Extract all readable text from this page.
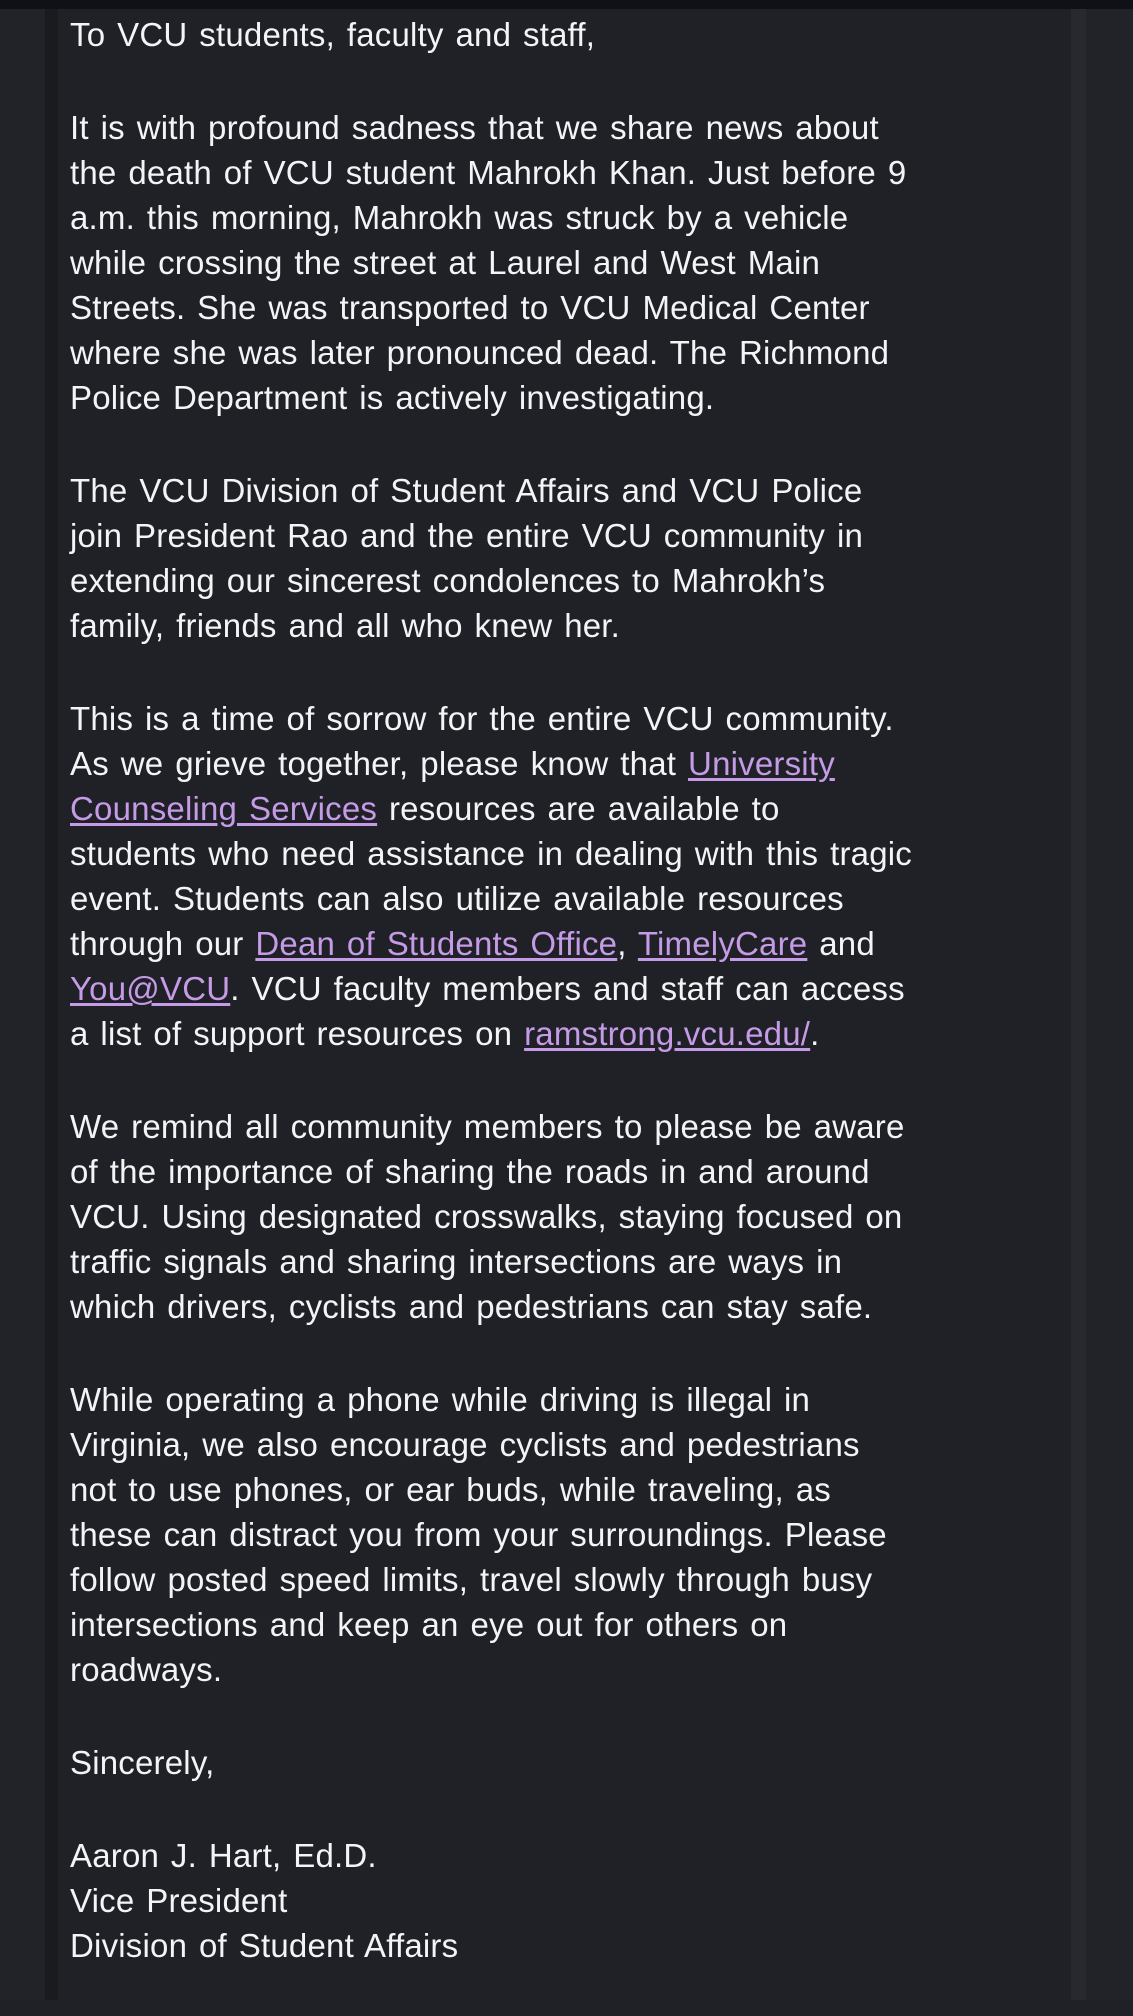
To VCU students, faculty and staff,

It is with profound sadness that we share news about
the death of VCU student Mahrokh Khan. Just before 9
a.m. this morning, Mahrokh was struck by a vehicle
while crossing the street at Laurel and West Main
Streets. She was transported to VCU Medical Center
where she was later pronounced dead. The Richmond
Police Department is actively investigating.

The VCU Division of Student Affairs and VCU Police
join President Rao and the entire VCU community in
extending our sincerest condolences to Mahrokh’s
family, friends and all who knew her.

This is a time of sorrow for the entire VCU community.
As we grieve together, please know that University
Counseling Services resources are available to
students who need assistance in dealing with this tragic
event. Students can also utilize available resources
through our Dean of Students Office, TimelyCare and
You@VCU. VCU faculty members and staff can access
a list of support resources on ramstrong.vcu.edu/.

We remind all community members to please be aware
of the importance of sharing the roads in and around
VCU. Using designated crosswalks, staying focused on
traffic signals and sharing intersections are ways in
which drivers, cyclists and pedestrians can stay safe.

While operating a phone while driving is illegal in
Virginia, we also encourage cyclists and pedestrians
not to use phones, or ear buds, while traveling, as
these can distract you from your surroundings. Please
follow posted speed limits, travel slowly through busy
intersections and keep an eye out for others on
roadways.

Sincerely,

Aaron J. Hart, Ed.D.
Vice President
Division of Student Affairs
